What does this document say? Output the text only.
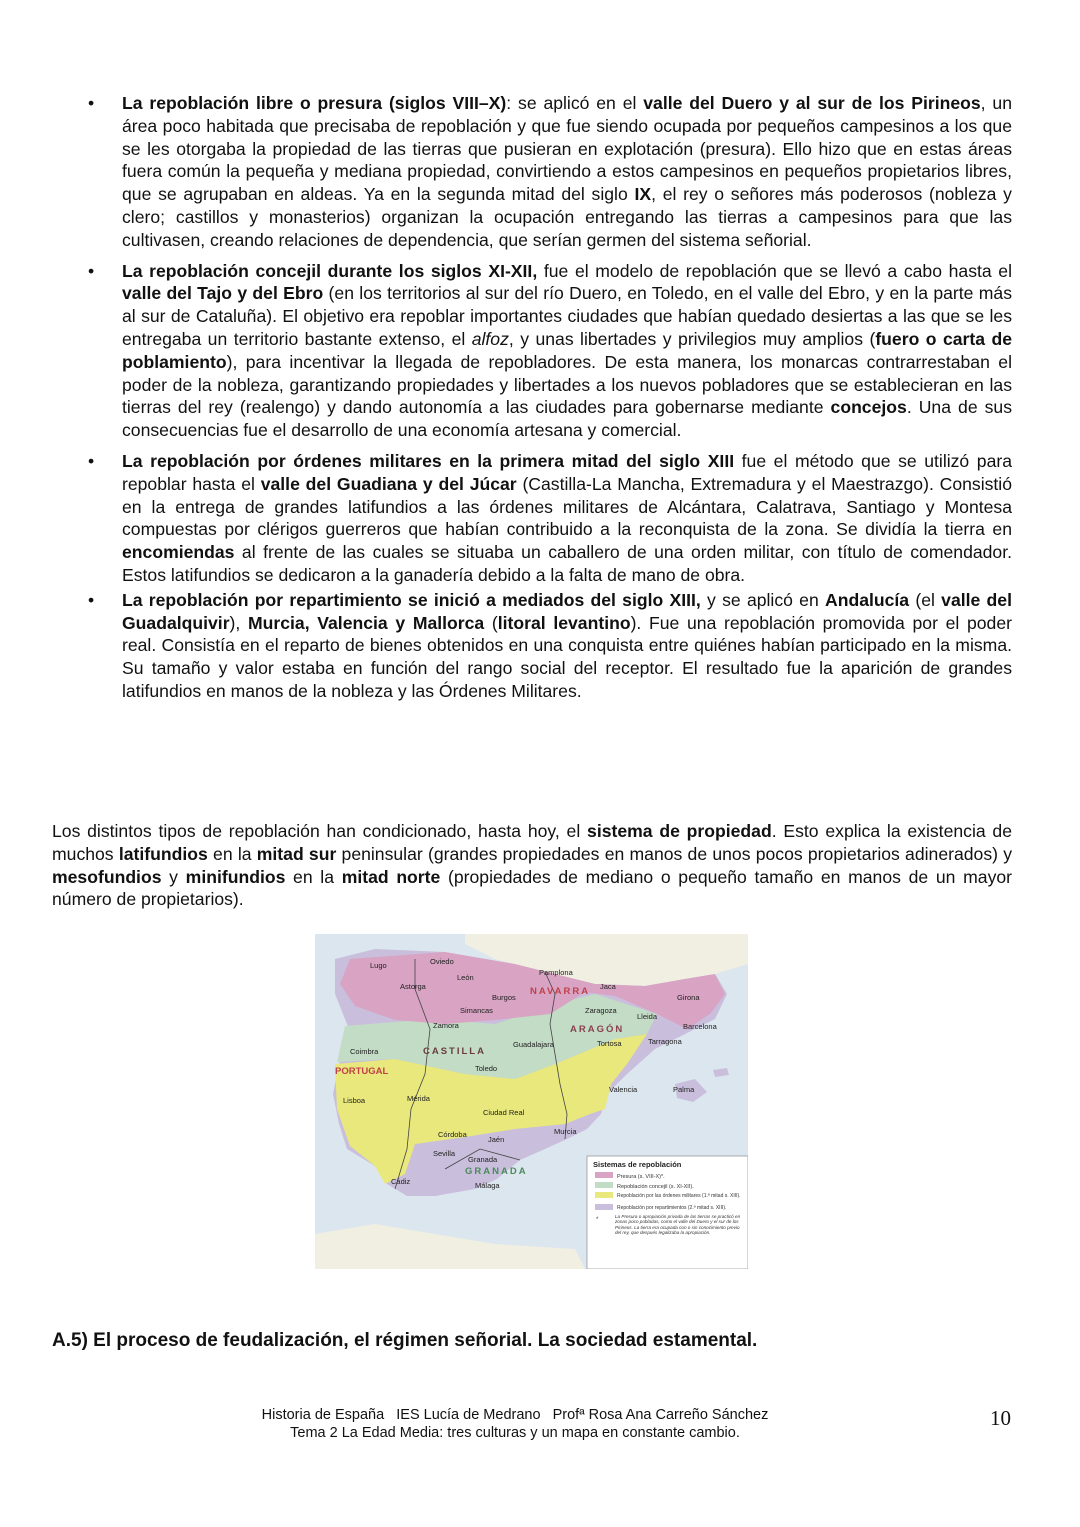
• La repoblación libre o presura (siglos VIII–X): se aplicó en el valle del Duero y al sur de los Pirineos, un área poco habitada que precisaba de repoblación y que fue siendo ocupada por pequeños campesinos a los que se les otorgaba la propiedad de las tierras que pusieran en explotación (presura). Ello hizo que en estas áreas fuera común la pequeña y mediana propiedad, convirtiendo a estos campesinos en pequeños propietarios libres, que se agrupaban en aldeas. Ya en la segunda mitad del siglo IX, el rey o señores más poderosos (nobleza y clero; castillos y monasterios) organizan la ocupación entregando las tierras a campesinos para que las cultivasen, creando relaciones de dependencia, que serían germen del sistema señorial.
• La repoblación concejil durante los siglos XI-XII, fue el modelo de repoblación que se llevó a cabo hasta el valle del Tajo y del Ebro (en los territorios al sur del río Duero, en Toledo, en el valle del Ebro, y en la parte más al sur de Cataluña). El objetivo era repoblar importantes ciudades que habían quedado desiertas a las que se les entregaba un territorio bastante extenso, el alfoz, y unas libertades y privilegios muy amplios (fuero o carta de poblamiento), para incentivar la llegada de repobladores. De esta manera, los monarcas contrarrestaban el poder de la nobleza, garantizando propiedades y libertades a los nuevos pobladores que se establecieran en las tierras del rey (realengo) y dando autonomía a las ciudades para gobernarse mediante concejos. Una de sus consecuencias fue el desarrollo de una economía artesana y comercial.
• La repoblación por órdenes militares en la primera mitad del siglo XIII fue el método que se utilizó para repoblar hasta el valle del Guadiana y del Júcar (Castilla-La Mancha, Extremadura y el Maestrazgo). Consistió en la entrega de grandes latifundios a las órdenes militares de Alcántara, Calatrava, Santiago y Montesa compuestas por clérigos guerreros que habían contribuido a la reconquista de la zona. Se dividía la tierra en encomiendas al frente de las cuales se situaba un caballero de una orden militar, con título de comendador. Estos latifundios se dedicaron a la ganadería debido a la falta de mano de obra.
• La repoblación por repartimiento se inició a mediados del siglo XIII, y se aplicó en Andalucía (el valle del Guadalquivir), Murcia, Valencia y Mallorca (litoral levantino). Fue una repoblación promovida por el poder real. Consistía en el reparto de bienes obtenidos en una conquista entre quiénes habían participado en la misma. Su tamaño y valor estaba en función del rango social del receptor. El resultado fue la aparición de grandes latifundios en manos de la nobleza y las Órdenes Militares.

Los distintos tipos de repoblación han condicionado, hasta hoy, el sistema de propiedad. Esto explica la existencia de muchos latifundios en la mitad sur peninsular (grandes propiedades en manos de unos pocos propietarios adinerados) y mesofundios y minifundios en la mitad norte (propiedades de mediano o pequeño tamaño en manos de un mayor número de propietarios).

Lugo	Oviedo
León
Astorga
Burgos
Simancas
Zamora
Pamplona
Jaca
Girona
Zaragoza
Lleida
Barcelona
Tortosa	Tarragona
Guadalajara
Coimbra
Toledo
Lisboa	Mérida
Valencia	Palma
Ciudad Real
Córdoba
Jaén
Murcia
Sevilla
Granada
Cádiz	Málaga
NAVARRA
ARAGÓN
CASTILLA
PORTUGAL
GRANADA
Sistemas de repoblación
Presura (s. VIII-X)*.
Repoblación concejil (s. XI-XII).
Repoblación por las órdenes militares (1.ª mitad s. XIII).
Repoblación por repartimientos (2.ª mitad s. XIII).
*
La Presura o apropiación privada de las tierras se practicó en zonas poco pobladas, como el valle del Duero y el sur de los Pirineos. La tierra era ocupada con o sin conocimiento previo del rey, que después legalizaba la apropiación.
A.5) El proceso de feudalización, el régimen señorial. La sociedad estamental.
Historia de España   IES Lucía de Medrano   Profª Rosa Ana Carreño Sánchez
Tema 2 La Edad Media: tres culturas y un mapa en constante cambio.
10
